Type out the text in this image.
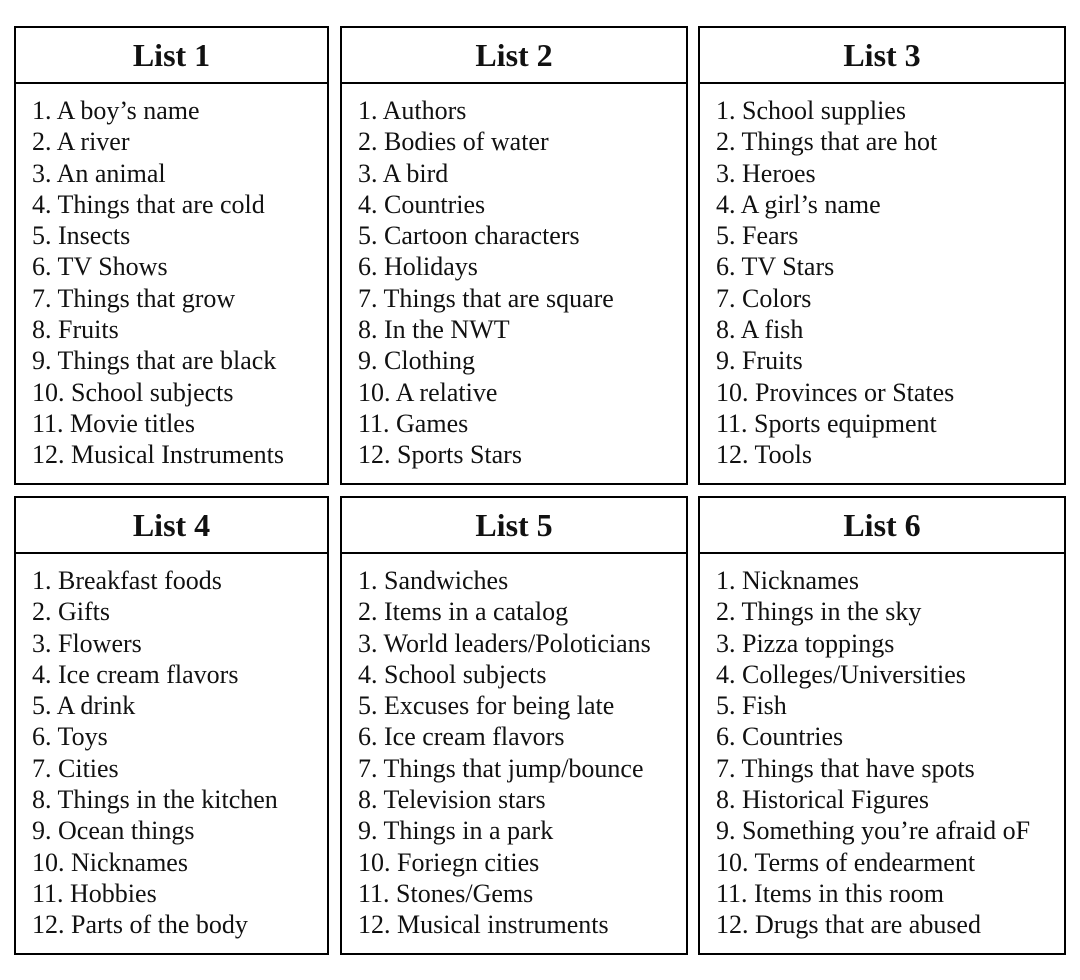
List 1
1. A boy’s name
2. A river
3. An animal
4. Things that are cold
5. Insects
6. TV Shows
7. Things that grow
8. Fruits
9. Things that are black
10. School subjects
11. Movie titles
12. Musical Instruments
List 2
1. Authors
2. Bodies of water
3. A bird
4. Countries
5. Cartoon characters
6. Holidays
7. Things that are square
8. In the NWT
9. Clothing
10. A relative
11. Games
12. Sports Stars
List 3
1. School supplies
2. Things that are hot
3. Heroes
4. A girl’s name
5. Fears
6. TV Stars
7. Colors
8. A fish
9. Fruits
10. Provinces or States
11. Sports equipment
12. Tools
List 4
1. Breakfast foods
2. Gifts
3. Flowers
4. Ice cream flavors
5. A drink
6. Toys
7. Cities
8. Things in the kitchen
9. Ocean things
10. Nicknames
11. Hobbies
12. Parts of the body
List 5
1. Sandwiches
2. Items in a catalog
3. World leaders/Poloticians
4. School subjects
5. Excuses for being late
6. Ice cream flavors
7. Things that jump/bounce
8. Television stars
9. Things in a park
10. Foriegn cities
11. Stones/Gems
12. Musical instruments
List 6
1. Nicknames
2. Things in the sky
3. Pizza toppings
4. Colleges/Universities
5. Fish
6. Countries
7. Things that have spots
8. Historical Figures
9. Something you’re afraid oF
10. Terms of endearment
11. Items in this room
12. Drugs that are abused
